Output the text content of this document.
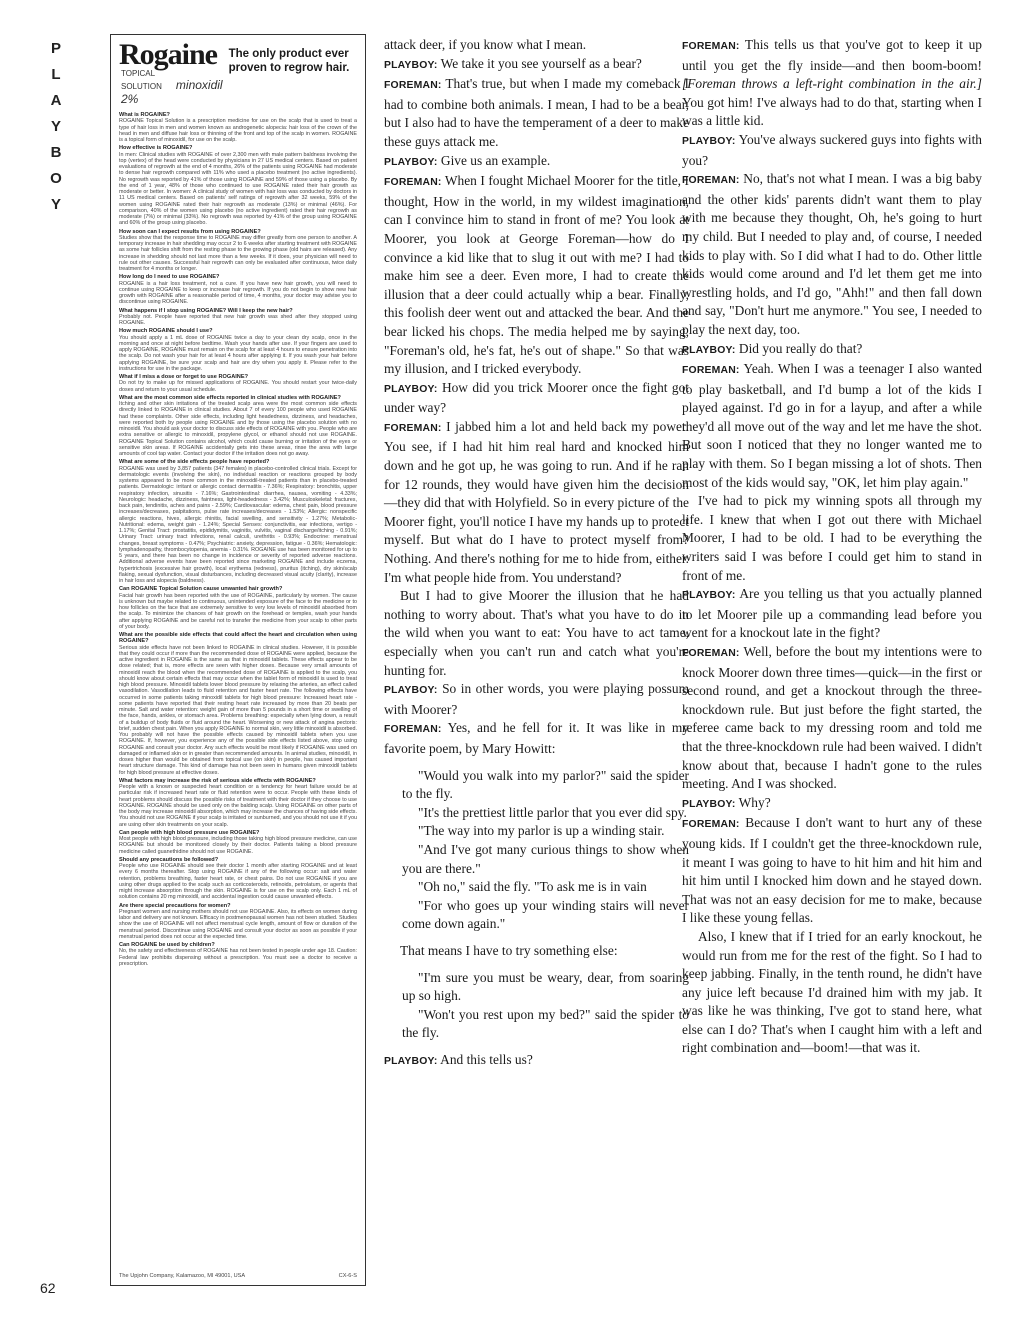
P
L
A
Y
B
O
Y
62
Rogaine
TOPICAL SOLUTION minoxidil 2%
The only product ever proven to regrow hair.
What is ROGAINE?

ROGAINE Topical Solution is a prescription medicine for use on the scalp that is used to treat a type of hair loss in men and women known as androgenetic alopecia: hair loss of the crown of the head in men and diffuse hair loss or thinning of the front and top of the scalp in women. ROGAINE is a topical form of minoxidil, for use on the scalp.

How effective is ROGAINE?

In men: Clinical studies with ROGAINE of over 2,300 men with male pattern baldness involving the top (vertex) of the head were conducted by physicians in 27 US medical centers. Based on patient evaluations of regrowth at the end of 4 months, 26% of the patients using ROGAINE had moderate to dense hair regrowth compared with 11% who used a placebo treatment (no active ingredients). No regrowth was reported by 41% of those using ROGAINE and 59% of those using a placebo. By the end of 1 year, 48% of those who continued to use ROGAINE rated their hair growth as moderate or better. In women: A clinical study of women with hair loss was conducted by doctors in 11 US medical centers. Based on patients' self ratings of regrowth after 32 weeks, 59% of the women using ROGAINE rated their hair regrowth as moderate (13%) or minimal (46%). For comparison, 40% of the women using placebo (no active ingredient) rated their hair regrowth as moderate (7%) or minimal (33%). No regrowth was reported by 41% of the group using ROGAINE and 60% of the group using placebo.

How soon can I expect results from using ROGAINE?

Studies show that the response time to ROGAINE may differ greatly from one person to another. A temporary increase in hair shedding may occur 2 to 6 weeks after starting treatment with ROGAINE as some hair follicles shift from the resting phase to the growing phase (old hairs are released). Any increase in shedding should not last more than a few weeks. If it does, your physician will need to rule out other causes. Successful hair regrowth can only be evaluated after continuous, twice daily treatment for 4 months or longer.

How long do I need to use ROGAINE?

ROGAINE is a hair loss treatment, not a cure. If you have new hair growth, you will need to continue using ROGAINE to keep or increase hair regrowth. If you do not begin to show new hair growth with ROGAINE after a reasonable period of time, 4 months, your doctor may advise you to discontinue using ROGAINE.

What happens if I stop using ROGAINE? Will I keep the new hair?

Probably not. People have reported that new hair growth was shed after they stopped using ROGAINE.

How much ROGAINE should I use?

You should apply a 1 mL dose of ROGAINE twice a day to your clean dry scalp, once in the morning and once at night before bedtime. Wash your hands after use. If your fingers are used to apply ROGAINE, ROGAINE must remain on the scalp for at least 4 hours to ensure penetration into the scalp. Do not wash your hair for at least 4 hours after applying it. If you wash your hair before applying ROGAINE, be sure your scalp and hair are dry when you apply it. Please refer to the instructions for use in the package.

What if I miss a dose or forget to use ROGAINE?

Do not try to make up for missed applications of ROGAINE. You should restart your twice-daily doses and return to your usual schedule.

What are the most common side effects reported in clinical studies with ROGAINE?

Itching and other skin irritations of the treated scalp area were the most common side effects directly linked to ROGAINE in clinical studies. About 7 of every 100 people who used ROGAINE had these complaints. Other side effects, including light headedness, dizziness, and headaches, were reported both by people using ROGAINE and by those using the placebo solution with no minoxidil. You should ask your doctor to discuss side effects of ROGAINE with you. People who are extra sensitive or allergic to minoxidil, propylene glycol, or ethanol should not use ROGAINE. ROGAINE Topical Solution contains alcohol, which could cause burning or irritation of the eyes or sensitive skin areas. If ROGAINE accidentally gets into these areas, rinse the area with large amounts of cool tap water. Contact your doctor if the irritation does not go away.

What are some of the side effects people have reported?

ROGAINE was used by 3,857 patients (347 females) in placebo-controlled clinical trials. Except for dermatologic events (involving the skin), no individual reaction or reactions grouped by body systems appeared to be more common in the minoxidil-treated patients than in placebo-treated patients. Dermatologic: irritant or allergic contact dermatitis - 7.36%; Respiratory: bronchitis, upper respiratory infection, sinusitis - 7.16%; Gastrointestinal: diarrhea, nausea, vomiting - 4.33%; Neurologic: headache, dizziness, faintness, light-headedness - 3.42%; Musculoskeletal: fractures, back pain, tendinitis, aches and pains - 2.59%; Cardiovascular: edema, chest pain, blood pressure increases/decreases, palpitations, pulse rate increases/decreases - 1.53%; Allergic: nonspecific allergic reactions, hives, allergic rhinitis, facial swelling, and sensitivity - 1.27%; Metabolic-Nutritional: edema, weight gain - 1.24%; Special Senses: conjunctivitis, ear infections, vertigo - 1.17%; Genital Tract: prostatitis, epididymitis, vaginitis, vulvitis, vaginal discharge/itching - 0.91%; Urinary Tract: urinary tract infections, renal calculi, urethritis - 0.93%; Endocrine: menstrual changes, breast symptoms - 0.47%; Psychiatric: anxiety, depression, fatigue - 0.36%; Hematologic: lymphadenopathy, thrombocytopenia, anemia - 0.31%. ROGAINE use has been monitored for up to 5 years, and there has been no change in incidence or severity of reported adverse reactions. Additional adverse events have been reported since marketing ROGAINE and include eczema, hypertrichosis (excessive hair growth), local erythema (redness), pruritus (itching), dry skin/scalp flaking, sexual dysfunction, visual disturbances, including decreased visual acuity (clarity), increase in hair loss and alopecia (baldness).

Can ROGAINE Topical Solution cause unwanted hair growth?

Facial hair growth has been reported with the use of ROGAINE, particularly by women. The cause is unknown but maybe related to continuous, unintended exposure of the face to the medicine or to how follicles on the face that are extremely sensitive to very low levels of minoxidil absorbed from the scalp. To minimize the chances of hair growth on the forehead or temples, wash your hands after applying ROGAINE and be careful not to transfer the medicine from your scalp to other parts of your body.

What are the possible side effects that could affect the heart and circulation when using ROGAINE?

Serious side effects have not been linked to ROGAINE in clinical studies. However, it is possible that they could occur if more than the recommended dose of ROGAINE were applied, because the active ingredient in ROGAINE is the same as that in minoxidil tablets. These effects appear to be dose related; that is, more effects are seen with higher doses. Because very small amounts of minoxidil reach the blood when the recommended dose of ROGAINE is applied to the scalp, you should know about certain effects that may occur when the tablet form of minoxidil is used to treat high blood pressure. Minoxidil tablets lower blood pressure by relaxing the arteries, an effect called vasodilation. Vasodilation leads to fluid retention and faster heart rate. The following effects have occurred in some patients taking minoxidil tablets for high blood pressure: Increased heart rate - some patients have reported that their resting heart rate increased by more than 20 beats per minute. Salt and water retention: weight gain of more than 5 pounds in a short time or swelling of the face, hands, ankles, or stomach area. Problems breathing: especially when lying down, a result of a buildup of body fluids or fluid around the heart. Worsening or new attack of angina pectoris: brief, sudden chest pain. When you apply ROGAINE to normal skin, very little minoxidil is absorbed. You probably will not have the possible effects caused by minoxidil tablets when you use ROGAINE. If, however, you experience any of the possible side effects listed above, stop using ROGAINE and consult your doctor. Any such effects would be most likely if ROGAINE was used on damaged or inflamed skin or in greater than recommended amounts. In animal studies, minoxidil, in doses higher than would be obtained from topical use (on skin) in people, has caused important heart structure damage. This kind of damage has not been seen in humans given minoxidil tablets for high blood pressure at effective doses.

What factors may increase the risk of serious side effects with ROGAINE?

People with a known or suspected heart condition or a tendency for heart failure would be at particular risk if increased heart rate or fluid retention were to occur. People with these kinds of heart problems should discuss the possible risks of treatment with their doctor if they choose to use ROGAINE. ROGAINE should be used only on the balding scalp. Using ROGAINE on other parts of the body may increase minoxidil absorption, which may increase the chances of having side effects. You should not use ROGAINE if your scalp is irritated or sunburned, and you should not use it if you are using other skin treatments on your scalp.

Can people with high blood pressure use ROGAINE?

Most people with high blood pressure, including those taking high blood pressure medicine, can use ROGAINE but should be monitored closely by their doctor. Patients taking a blood pressure medicine called guanethidine should not use ROGAINE.

Should any precautions be followed?

People who use ROGAINE should see their doctor 1 month after starting ROGAINE and at least every 6 months thereafter. Stop using ROGAINE if any of the following occur: salt and water retention, problems breathing, faster heart rate, or chest pains. Do not use ROGAINE if you are using other drugs applied to the scalp such as corticosteroids, retinoids, petrolatum, or agents that might increase absorption through the skin. ROGAINE is for use on the scalp only. Each 1 mL of solution contains 20 mg minoxidil, and accidental ingestion could cause unwanted effects.

Are there special precautions for women?

Pregnant women and nursing mothers should not use ROGAINE. Also, its effects on women during labor and delivery are not known. Efficacy in postmenopausal women has not been studied. Studies show the use of ROGAINE will not affect menstrual cycle length, amount of flow or duration of the menstrual period. Discontinue using ROGAINE and consult your doctor as soon as possible if your menstrual period does not occur at the expected time.

Can ROGAINE be used by children?

No, the safety and effectiveness of ROGAINE has not been tested in people under age 18. Caution: Federal law prohibits dispensing without a prescription. You must see a doctor to receive a prescription.

The Upjohn Company, Kalamazoo, MI 49001, USA	CX-6-S

attack deer, if you know what I mean.

PLAYBOY: We take it you see yourself as a bear?

FOREMAN: That's true, but when I made my comeback I had to combine both animals. I mean, I had to be a bear, but I also had to have the temperament of a deer to make these guys attack me.

PLAYBOY: Give us an example.

FOREMAN: When I fought Michael Moorer for the title, I thought, How in the world, in my wildest imagination, can I convince him to stand in front of me? You look at Moorer, you look at George Foreman—how do I convince a kid like that to slug it out with me? I had to make him see a deer. Even more, I had to create the illusion that a deer could actually whip a bear. Finally, this foolish deer went out and attacked the bear. And the bear licked his chops. The media helped me by saying, "Foreman's old, he's fat, he's out of shape." So that was my illusion, and I tricked everybody.

PLAYBOY: How did you trick Moorer once the fight got under way?

FOREMAN: I jabbed him a lot and held back my power. You see, if I had hit him real hard and knocked him down and he got up, he was going to run. And if he ran for 12 rounds, they would have given him the decision—they did that with Holyfield. So in every picture of the Moorer fight, you'll notice I have my hands up to protect myself. But what do I have to protect myself from? Nothing. And there's nothing for me to hide from, either. I'm what people hide from. You understand?

But I had to give Moorer the illusion that he had nothing to worry about. That's what you have to do in the wild when you want to eat: You have to act tame, especially when you can't run and catch what you're hunting for.

PLAYBOY: So in other words, you were playing possum with Moorer?

FOREMAN: Yes, and he fell for it. It was like in my favorite poem, by Mary Howitt:

"Would you walk into my parlor?" said the spider to the fly.

"It's the prettiest little parlor that you ever did spy.

"The way into my parlor is up a winding stair.

"And I've got many curious things to show when you are there."

"Oh no," said the fly. "To ask me is in vain

"For who goes up your winding stairs will never come down again."

That means I have to try something else:

"I'm sure you must be weary, dear, from soaring up so high.

"Won't you rest upon my bed?" said the spider to the fly.

PLAYBOY: And this tells us?

FOREMAN: This tells us that you've got to keep it up until you get the fly inside—and then boom-boom! [Foreman throws a left-right combination in the air.] You got him! I've always had to do that, starting when I was a little kid.

PLAYBOY: You've always suckered guys into fights with you?

FOREMAN: No, that's not what I mean. I was a big baby and the other kids' parents didn't want them to play with me because they thought, Oh, he's going to hurt my child. But I needed to play and, of course, I needed kids to play with. So I did what I had to do. Other little kids would come around and I'd let them get me into wrestling holds, and I'd go, "Ahh!" and then fall down and say, "Don't hurt me anymore." You see, I needed to play the next day, too.

PLAYBOY: Did you really do that?

FOREMAN: Yeah. When I was a teenager I also wanted to play basketball, and I'd bump a lot of the kids I played against. I'd go in for a layup, and after a while they'd all move out of the way and let me have the shot. But soon I noticed that they no longer wanted me to play with them. So I began missing a lot of shots. Then most of the kids would say, "OK, let him play again."

I've had to pick my winning spots all through my life. I knew that when I got out there with Michael Moorer, I had to be old. I had to be everything the writers said I was before I could get him to stand in front of me.

PLAYBOY: Are you telling us that you actually planned to let Moorer pile up a commanding lead before you went for a knockout late in the fight?

FOREMAN: Well, before the bout my intentions were to knock Moorer down three times—quick—in the first or second round, and get a knockout through the three-knockdown rule. But just before the fight started, the referee came back to my dressing room and told me that the three-knockdown rule had been waived. I didn't know about that, because I hadn't gone to the rules meeting. And I was shocked.

PLAYBOY: Why?

FOREMAN: Because I don't want to hurt any of these young kids. If I couldn't get the three-knockdown rule, it meant I was going to have to hit him and hit him and hit him until I knocked him down and he stayed down. That was not an easy decision for me to make, because I like these young fellas.

Also, I knew that if I tried for an early knockout, he would run from me for the rest of the fight. So I had to keep jabbing. Finally, in the tenth round, he didn't have any juice left because I'd drained him with my jab. It was like he was thinking, I've got to stand here, what else can I do? That's when I caught him with a left and right combination and—boom!—that was it.
